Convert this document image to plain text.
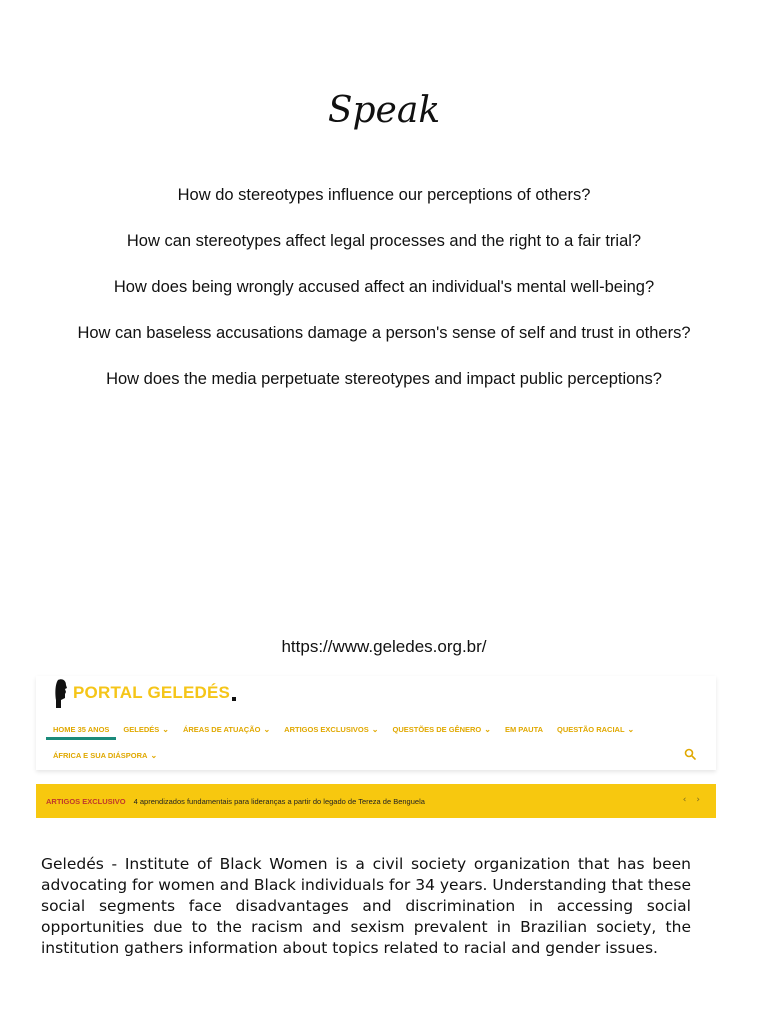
Speak
How do stereotypes influence our perceptions of others?
How can stereotypes affect legal processes and the right to a fair trial?
How does being wrongly accused affect an individual's mental well-being?
How can baseless accusations damage a person's sense of self and trust in others?
How does the media perpetuate stereotypes and impact public perceptions?
https://www.geledes.org.br/
PORTAL GELEDÉS
HOME 35 ANOS GELEDÉS ⌄ ÁREAS DE ATUAÇÃO ⌄ ARTIGOS EXCLUSIVOS ⌄ QUESTÕES DE GÊNERO ⌄ EM PAUTA QUESTÃO RACIAL ⌄
ÁFRICA E SUA DIÁSPORA ⌄
ARTIGOS EXCLUSIVO 4 aprendizados fundamentais para lideranças a partir do legado de Tereza de Benguela	‹ ›
Geledés - Institute of Black Women is a civil society organization that has been advocating for women and Black individuals for 34 years. Understanding that these social segments face disadvantages and discrimination in accessing social opportunities due to the racism and sexism prevalent in Brazilian society, the institution gathers information about topics related to racial and gender issues.
